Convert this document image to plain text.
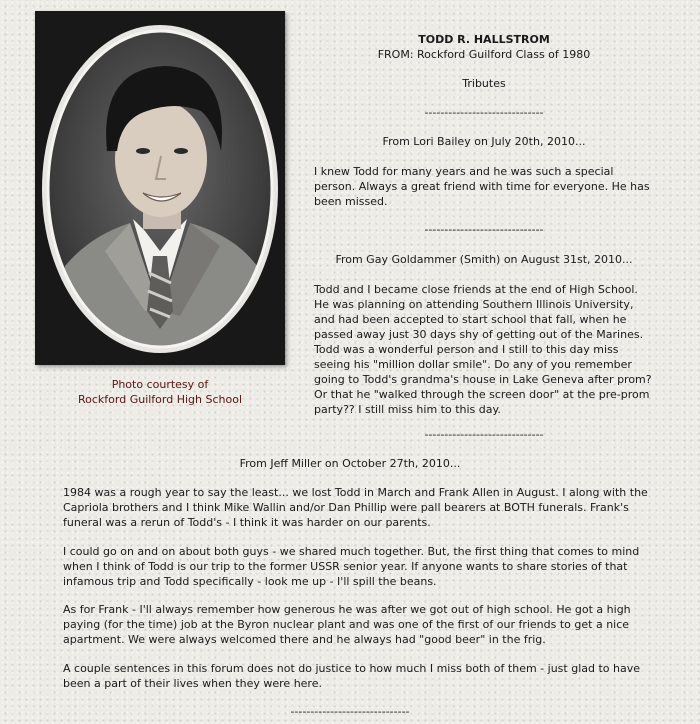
Photo courtesy of
Rockford Guilford High School
TODD R. HALLSTROM
FROM: Rockford Guilford Class of 1980
Tributes
------------------------------
From Lori Bailey on July 20th, 2010...

I knew Todd for many years and he was such a special person. Always a great friend with time for everyone. He has been missed.

------------------------------
From Gay Goldammer (Smith) on August 31st, 2010...

Todd and I became close friends at the end of High School. He was planning on attending Southern Illinois University, and had been accepted to start school that fall, when he passed away just 30 days shy of getting out of the Marines. Todd was a wonderful person and I still to this day miss seeing his "million dollar smile". Do any of you remember going to Todd's grandma's house in Lake Geneva after prom? Or that he "walked through the screen door" at the pre-prom party?? I still miss him to this day.

------------------------------
From Jeff Miller on October 27th, 2010...

1984 was a rough year to say the least... we lost Todd in March and Frank Allen in August. I along with the Capriola brothers and I think Mike Wallin and/or Dan Phillip were pall bearers at BOTH funerals. Frank's funeral was a rerun of Todd's - I think it was harder on our parents.

I could go on and on about both guys - we shared much together. But, the first thing that comes to mind when I think of Todd is our trip to the former USSR senior year. If anyone wants to share stories of that infamous trip and Todd specifically - look me up - I'll spill the beans.

As for Frank - I'll always remember how generous he was after we got out of high school. He got a high paying (for the time) job at the Byron nuclear plant and was one of the first of our friends to get a nice apartment. We were always welcomed there and he always had "good beer" in the frig.

A couple sentences in this forum does not do justice to how much I miss both of them - just glad to have been a part of their lives when they were here.

------------------------------
